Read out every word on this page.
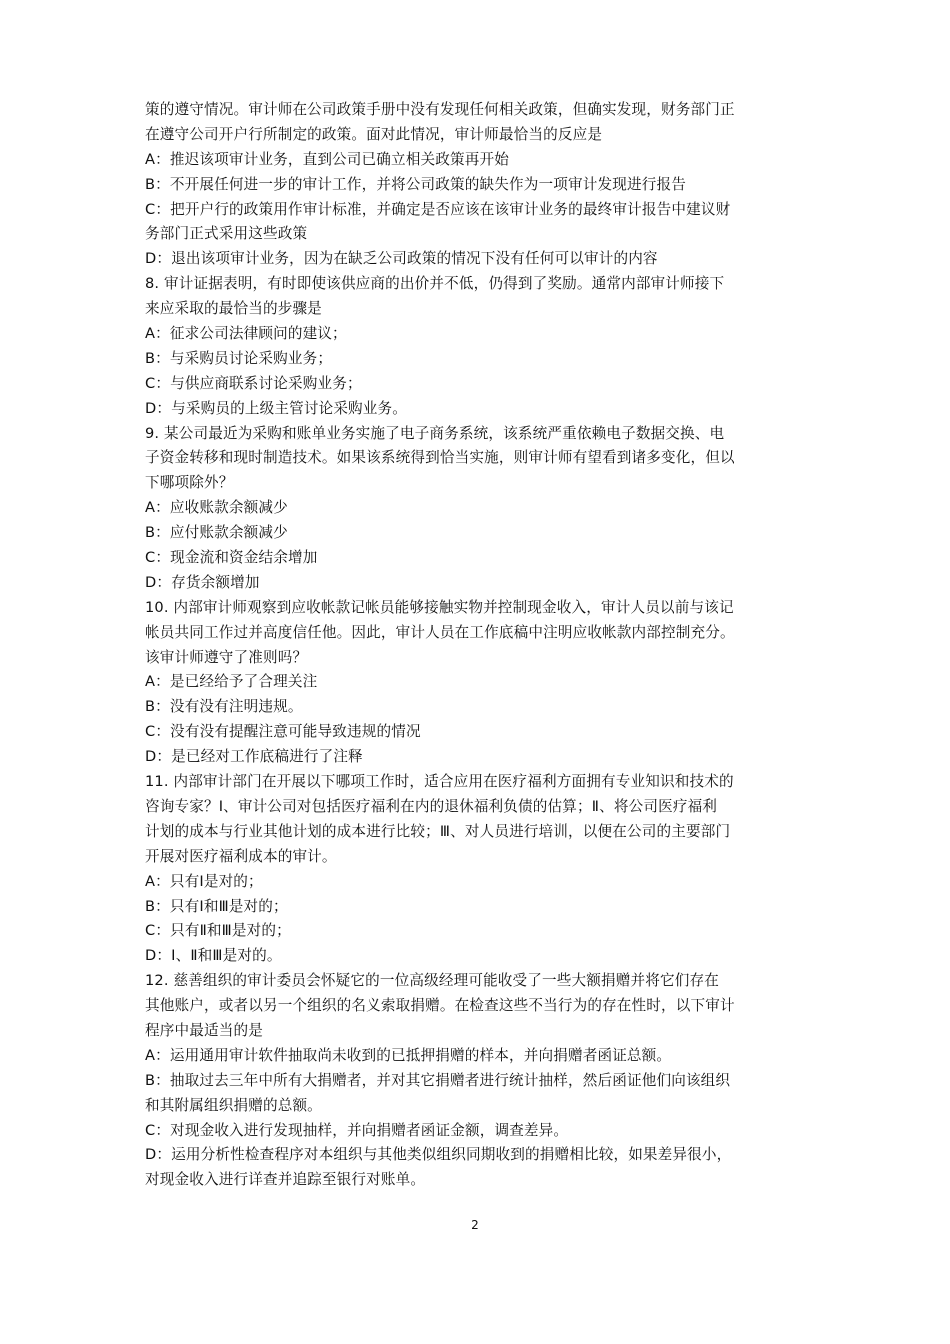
策的遵守情况。审计师在公司政策手册中没有发现任何相关政策，但确实发现，财务部门正
在遵守公司开户行所制定的政策。面对此情况，审计师最恰当的反应是
A：推迟该项审计业务，直到公司已确立相关政策再开始
B：不开展任何进一步的审计工作，并将公司政策的缺失作为一项审计发现进行报告
C：把开户行的政策用作审计标准，并确定是否应该在该审计业务的最终审计报告中建议财
务部门正式采用这些政策
D：退出该项审计业务，因为在缺乏公司政策的情况下没有任何可以审计的内容
8. 审计证据表明，有时即使该供应商的出价并不低，仍得到了奖励。通常内部审计师接下
来应采取的最恰当的步骤是
A：征求公司法律顾问的建议；
B：与采购员讨论采购业务；
C：与供应商联系讨论采购业务；
D：与采购员的上级主管讨论采购业务。
9. 某公司最近为采购和账单业务实施了电子商务系统，该系统严重依赖电子数据交换、电
子资金转移和现时制造技术。如果该系统得到恰当实施，则审计师有望看到诸多变化，但以
下哪项除外？
A：应收账款余额减少
B：应付账款余额减少
C：现金流和资金结余增加
D：存货余额增加
10. 内部审计师观察到应收帐款记帐员能够接触实物并控制现金收入，审计人员以前与该记
帐员共同工作过并高度信任他。因此，审计人员在工作底稿中注明应收帐款内部控制充分。
该审计师遵守了准则吗？
A：是已经给予了合理关注
B：没有没有注明违规。
C：没有没有提醒注意可能导致违规的情况
D：是已经对工作底稿进行了注释
11. 内部审计部门在开展以下哪项工作时，适合应用在医疗福利方面拥有专业知识和技术的
咨询专家？Ⅰ、审计公司对包括医疗福利在内的退休福利负债的估算；Ⅱ、将公司医疗福利
计划的成本与行业其他计划的成本进行比较；Ⅲ、对人员进行培训，以便在公司的主要部门
开展对医疗福利成本的审计。
A：只有Ⅰ是对的；
B：只有Ⅰ和Ⅲ是对的；
C：只有Ⅱ和Ⅲ是对的；
D：Ⅰ、Ⅱ和Ⅲ是对的。
12. 慈善组织的审计委员会怀疑它的一位高级经理可能收受了一些大额捐赠并将它们存在
其他账户，或者以另一个组织的名义索取捐赠。在检查这些不当行为的存在性时，以下审计
程序中最适当的是
A：运用通用审计软件抽取尚未收到的已抵押捐赠的样本，并向捐赠者函证总额。
B：抽取过去三年中所有大捐赠者，并对其它捐赠者进行统计抽样，然后函证他们向该组织
和其附属组织捐赠的总额。
C：对现金收入进行发现抽样，并向捐赠者函证金额，调查差异。
D：运用分析性检查程序对本组织与其他类似组织同期收到的捐赠相比较，如果差异很小，
对现金收入进行详查并追踪至银行对账单。
2
